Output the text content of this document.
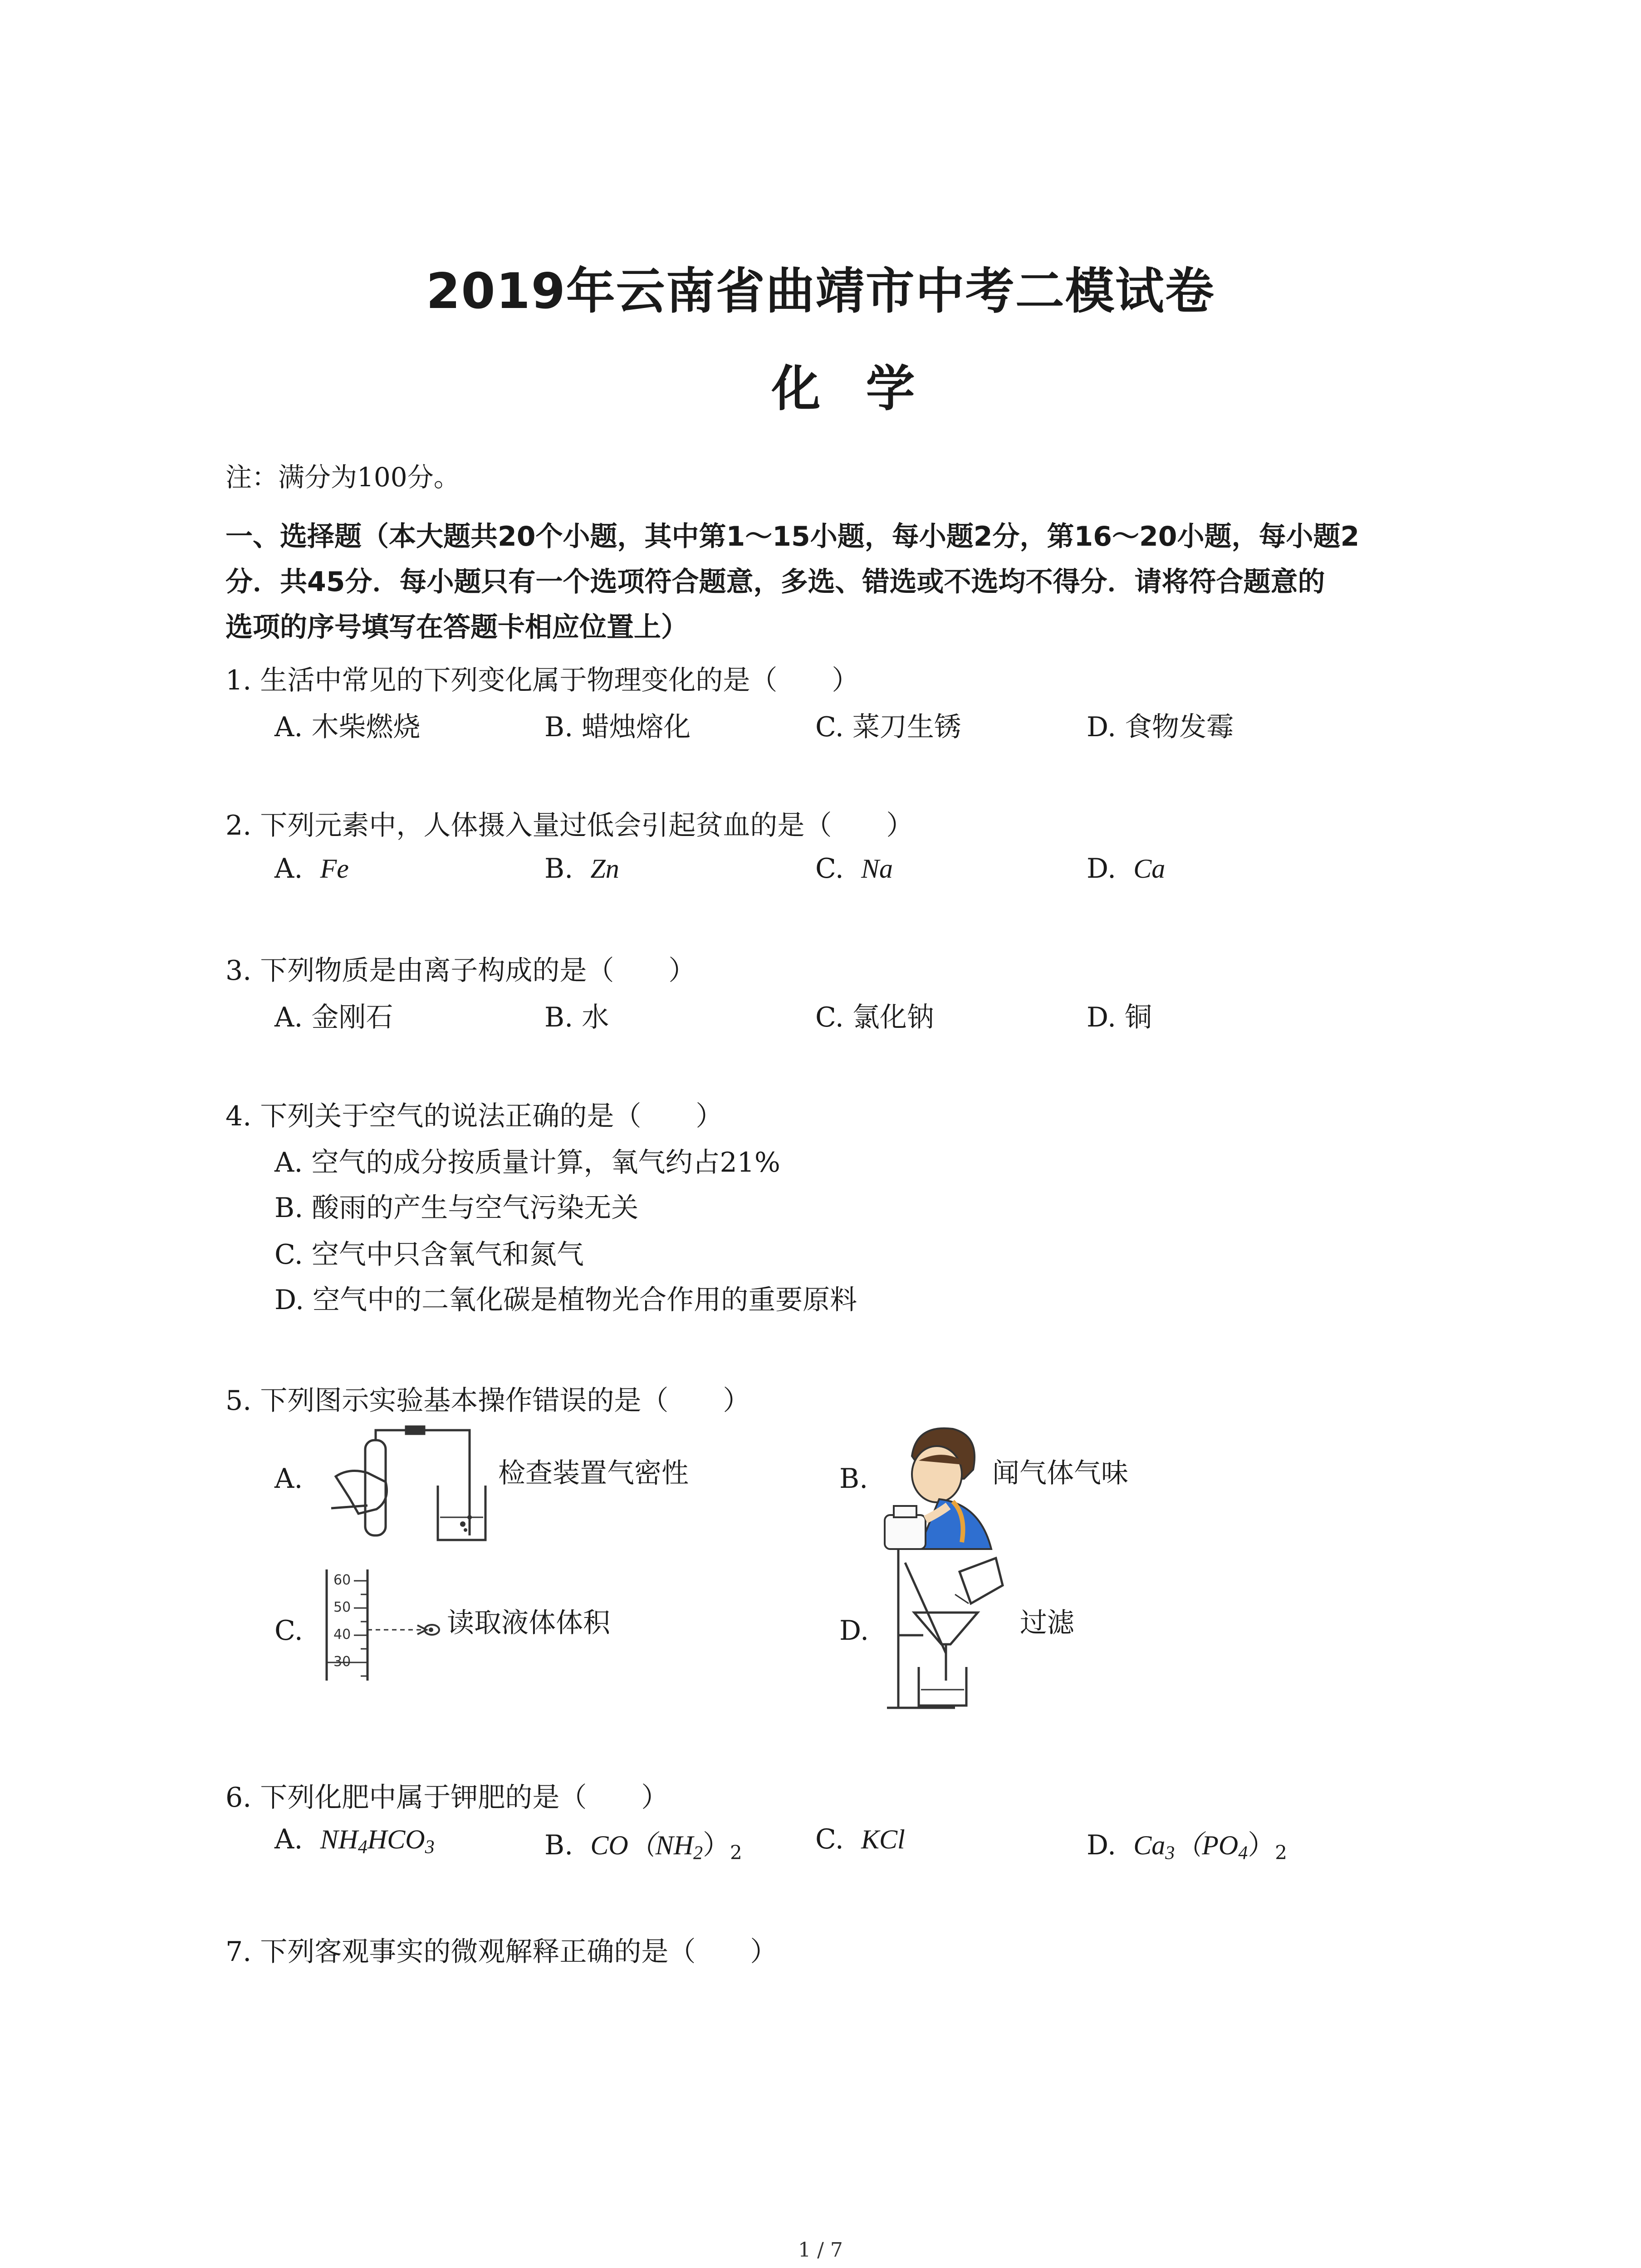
2019年云南省曲靖市中考二模试卷
化学
注：满分为100分。
一、选择题（本大题共20个小题，其中第1～15小题，每小题2分，第16～20小题，每小题2
分．共45分．每小题只有一个选项符合题意，多选、错选或不选均不得分．请将符合题意的
选项的序号填写在答题卡相应位置上）
1. 生活中常见的下列变化属于物理变化的是（　　）
A. 木柴燃烧	B. 蜡烛熔化	C. 菜刀生锈	D. 食物发霉
2. 下列元素中，人体摄入量过低会引起贫血的是（　　）
A. Fe	B. Zn	C. Na	D. Ca
3. 下列物质是由离子构成的是（　　）
A. 金刚石	B. 水	C. 氯化钠	D. 铜
4. 下列关于空气的说法正确的是（　　）
A. 空气的成分按质量计算，氧气约占21%
B. 酸雨的产生与空气污染无关
C. 空气中只含氧气和氮气
D. 空气中的二氧化碳是植物光合作用的重要原料
5. 下列图示实验基本操作错误的是（　　）
A.	检查装置气密性	B.	闻气体气味
C.
60
50
40
30
读取液体体积	D.	过滤
6. 下列化肥中属于钾肥的是（　　）
A. $NH_4HCO_3$	B. $CO(NH_2)_2$	C. KCl	D. $Ca_3(PO_4)_2$
7. 下列客观事实的微观解释正确的是（　　）
1 / 7
